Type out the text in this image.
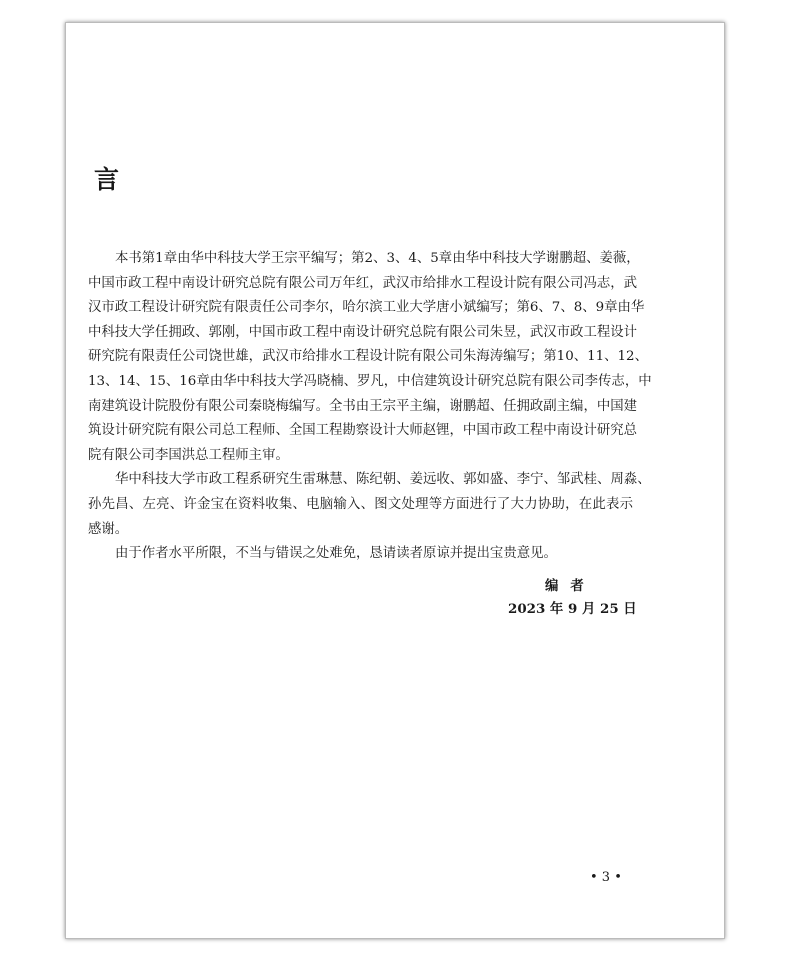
言
本书第1章由华中科技大学王宗平编写；第2、3、4、5章由华中科技大学谢鹏超、姜薇，
中国市政工程中南设计研究总院有限公司万年红，武汉市给排水工程设计院有限公司冯志，武
汉市政工程设计研究院有限责任公司李尔，哈尔滨工业大学唐小斌编写；第6、7、8、9章由华
中科技大学任拥政、郭刚，中国市政工程中南设计研究总院有限公司朱昱，武汉市政工程设计
研究院有限责任公司饶世雄，武汉市给排水工程设计院有限公司朱海涛编写；第10、11、12、
13、14、15、16章由华中科技大学冯晓楠、罗凡，中信建筑设计研究总院有限公司李传志，中
南建筑设计院股份有限公司秦晓梅编写。全书由王宗平主编，谢鹏超、任拥政副主编，中国建
筑设计研究院有限公司总工程师、全国工程勘察设计大师赵锂，中国市政工程中南设计研究总
院有限公司李国洪总工程师主审。
华中科技大学市政工程系研究生雷琳慧、陈纪朝、姜远收、郭如盛、李宁、邹武桂、周淼、
孙先昌、左亮、许金宝在资料收集、电脑输入、图文处理等方面进行了大力协助，在此表示
感谢。
由于作者水平所限，不当与错误之处难免，恳请读者原谅并提出宝贵意见。
编者
2023 年 9 月 25 日
• 3 •
